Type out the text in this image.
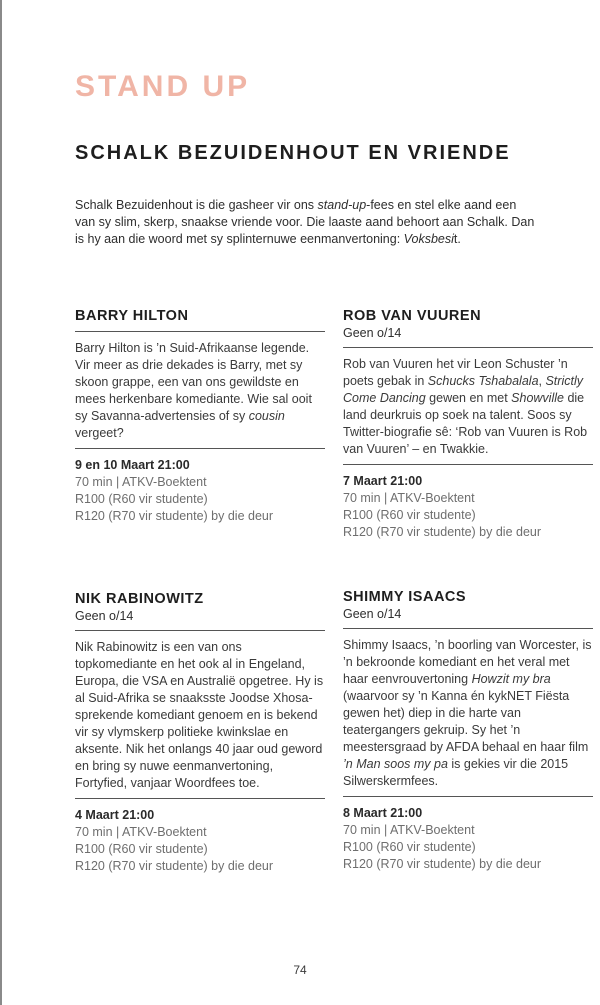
STAND UP
SCHALK BEZUIDENHOUT EN VRIENDE

Schalk Bezuidenhout is die gasheer vir ons stand-up-fees en stel elke aand een van sy slim, skerp, snaakse vriende voor. Die laaste aand behoort aan Schalk. Dan is hy aan die woord met sy splinternuwe eenmanvertoning: Voksbesit.

BARRY HILTON

Barry Hilton is ’n Suid-Afrikaanse legende. Vir meer as drie dekades is Barry, met sy skoon grappe, een van ons gewildste en mees herkenbare komediante. Wie sal ooit sy Savanna-advertensies of sy cousin vergeet?

9 en 10 Maart 21:00
70 min | ATKV-Boektent
R100 (R60 vir studente)
R120 (R70 vir studente) by die deur
ROB VAN VUUREN
Geen o/14

Rob van Vuuren het vir Leon Schuster ’n poets gebak in Schucks Tshabalala, Strictly Come Dancing gewen en met Showville die land deurkruis op soek na talent. Soos sy Twitter-biografie sê: ‘Rob van Vuuren is Rob van Vuuren’ – en Twakkie.

7 Maart 21:00
70 min | ATKV-Boektent
R100 (R60 vir studente)
R120 (R70 vir studente) by die deur
NIK RABINOWITZ
Geen o/14

Nik Rabinowitz is een van ons topkomediante en het ook al in Engeland, Europa, die VSA en Australië opgetree. Hy is al Suid-Afrika se snaaksste Joodse Xhosa-sprekende komediant genoem en is bekend vir sy vlymskerp politieke kwinkslae en aksente. Nik het onlangs 40 jaar oud geword en bring sy nuwe eenmanvertoning, Fortyfied, vanjaar Woordfees toe.

4 Maart 21:00
70 min | ATKV-Boektent
R100 (R60 vir studente)
R120 (R70 vir studente) by die deur
SHIMMY ISAACS
Geen o/14

Shimmy Isaacs, ’n boorling van Worcester, is ’n bekroonde komediant en het veral met haar eenvrouvertoning Howzit my bra (waarvoor sy ’n Kanna én kykNET Fiësta gewen het) diep in die harte van teatergangers gekruip. Sy het ’n meestersgraad by AFDA behaal en haar film ’n Man soos my pa is gekies vir die 2015 Silwerskermfees.

8 Maart 21:00
70 min | ATKV-Boektent
R100 (R60 vir studente)
R120 (R70 vir studente) by die deur
74
